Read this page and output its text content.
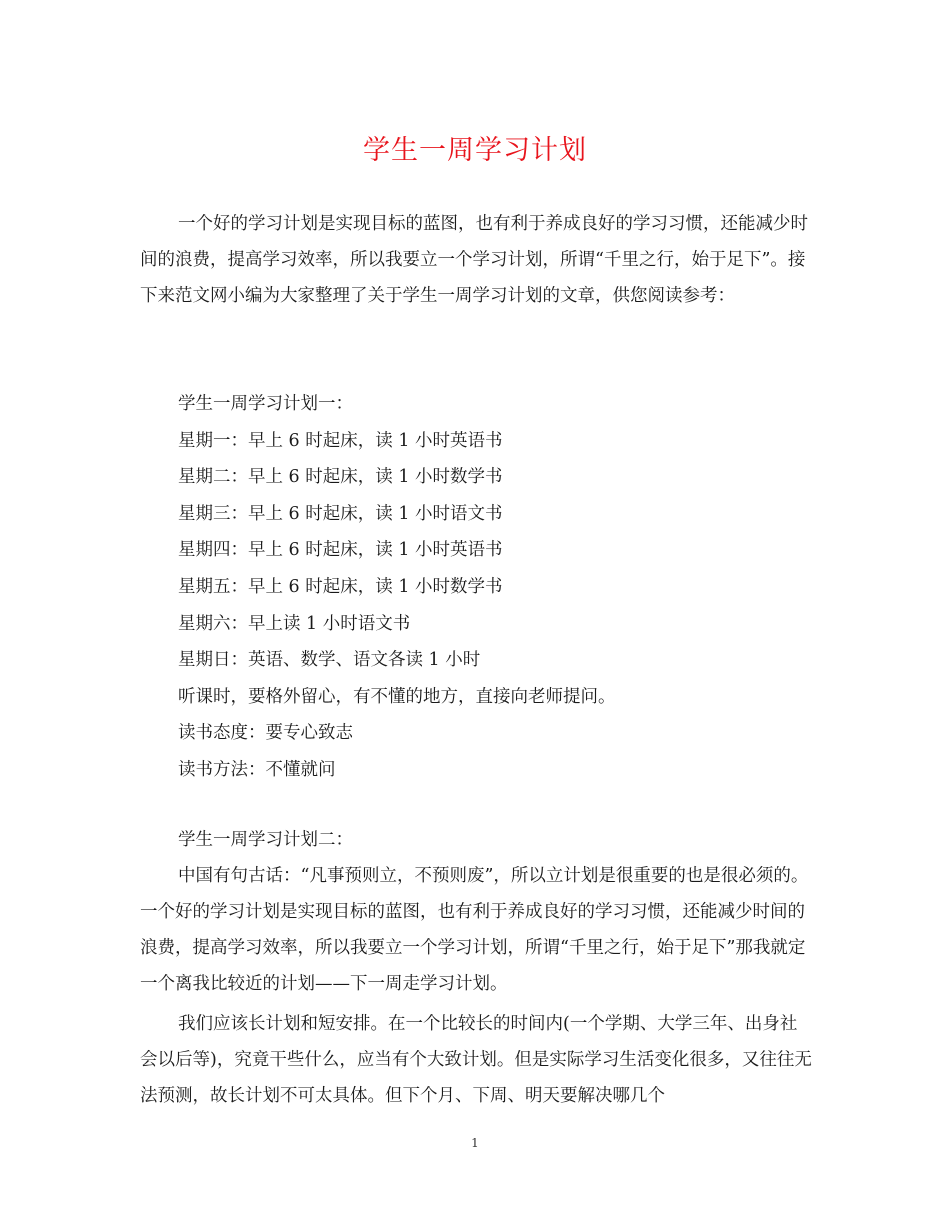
学生一周学习计划

一个好的学习计划是实现目标的蓝图，也有利于养成良好的学习习惯，还能减少时间的浪费，提高学习效率，所以我要立一个学习计划，所谓“千里之行，始于足下”。接下来范文网小编为大家整理了关于学生一周学习计划的文章，供您阅读参考：

学生一周学习计划一：

星期一：早上 6 时起床，读 1 小时英语书

星期二：早上 6 时起床，读 1 小时数学书

星期三：早上 6 时起床，读 1 小时语文书

星期四：早上 6 时起床，读 1 小时英语书

星期五：早上 6 时起床，读 1 小时数学书

星期六：早上读 1 小时语文书

星期日：英语、数学、语文各读 1 小时

听课时，要格外留心，有不懂的地方，直接向老师提问。

读书态度：要专心致志

读书方法：不懂就问

学生一周学习计划二：

中国有句古话：“凡事预则立，不预则废”，所以立计划是很重要的也是很必须的。一个好的学习计划是实现目标的蓝图，也有利于养成良好的学习习惯，还能减少时间的浪费，提高学习效率，所以我要立一个学习计划，所谓“千里之行，始于足下”那我就定一个离我比较近的计划——下一周走学习计划。

我们应该长计划和短安排。在一个比较长的时间内(一个学期、大学三年、出身社会以后等)，究竟干些什么，应当有个大致计划。但是实际学习生活变化很多，又往往无法预测，故长计划不可太具体。但下个月、下周、明天要解决哪几个

1
